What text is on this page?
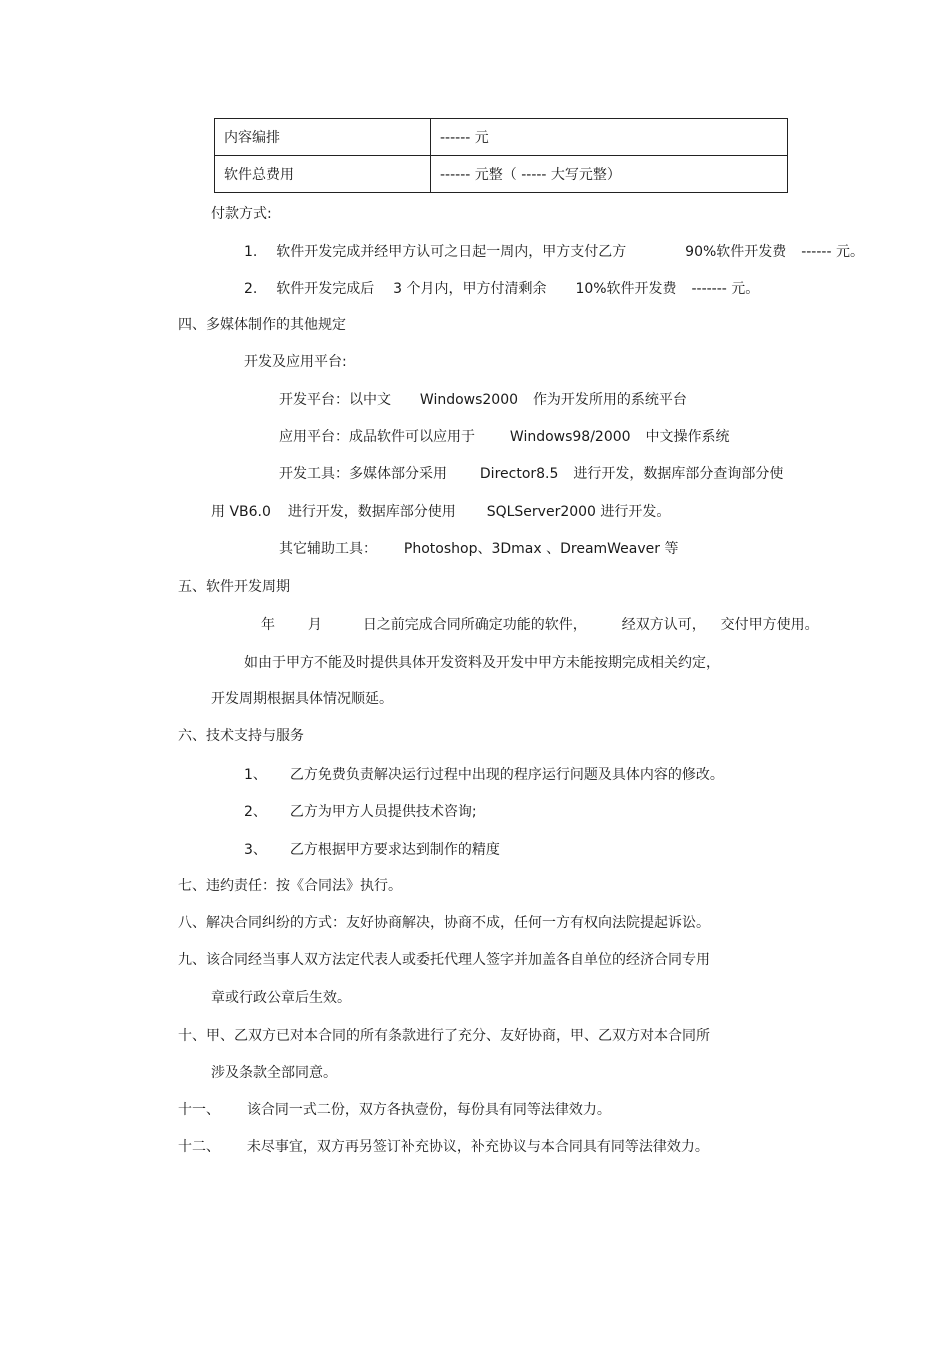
内容编排	------ 元
软件总费用	------ 元整（ ----- 大写元整）
付款方式:
1. 软件开发完成并经甲方认可之日起一周内，甲方支付乙方	90%软件开发费 ------ 元。
2. 软件开发完成后 3 个月内，甲方付清剩余 10%软件开发费 ------- 元。
四、多媒体制作的其他规定
开发及应用平台:
开发平台：以中文 Windows2000 作为开发所用的系统平台
应用平台：成品软件可以应用于 Windows98/2000 中文操作系统
开发工具：多媒体部分采用 Director8.5 进行开发，数据库部分查询部分使
用 VB6.0 进行开发，数据库部分使用 SQLServer2000 进行开发。
其它辅助工具： Photoshop、3Dmax 、DreamWeaver 等
五、软件开发周期
年 月	日之前完成合同所确定功能的软件， 经双方认可， 交付甲方使用。
如由于甲方不能及时提供具体开发资料及开发中甲方未能按期完成相关约定，
开发周期根据具体情况顺延。
六、技术支持与服务
1、 乙方免费负责解决运行过程中出现的程序运行问题及具体内容的修改。
2、 乙方为甲方人员提供技术咨询;
3、 乙方根据甲方要求达到制作的精度
七、违约责任：按《合同法》执行。
八、解决合同纠纷的方式：友好协商解决，协商不成，任何一方有权向法院提起诉讼。
九、该合同经当事人双方法定代表人或委托代理人签字并加盖各自单位的经济合同专用
章或行政公章后生效。
十、甲、乙双方已对本合同的所有条款进行了充分、友好协商，甲、乙双方对本合同所
涉及条款全部同意。
十一、 该合同一式二份，双方各执壹份，每份具有同等法律效力。
十二、 未尽事宜，双方再另签订补充协议，补充协议与本合同具有同等法律效力。
